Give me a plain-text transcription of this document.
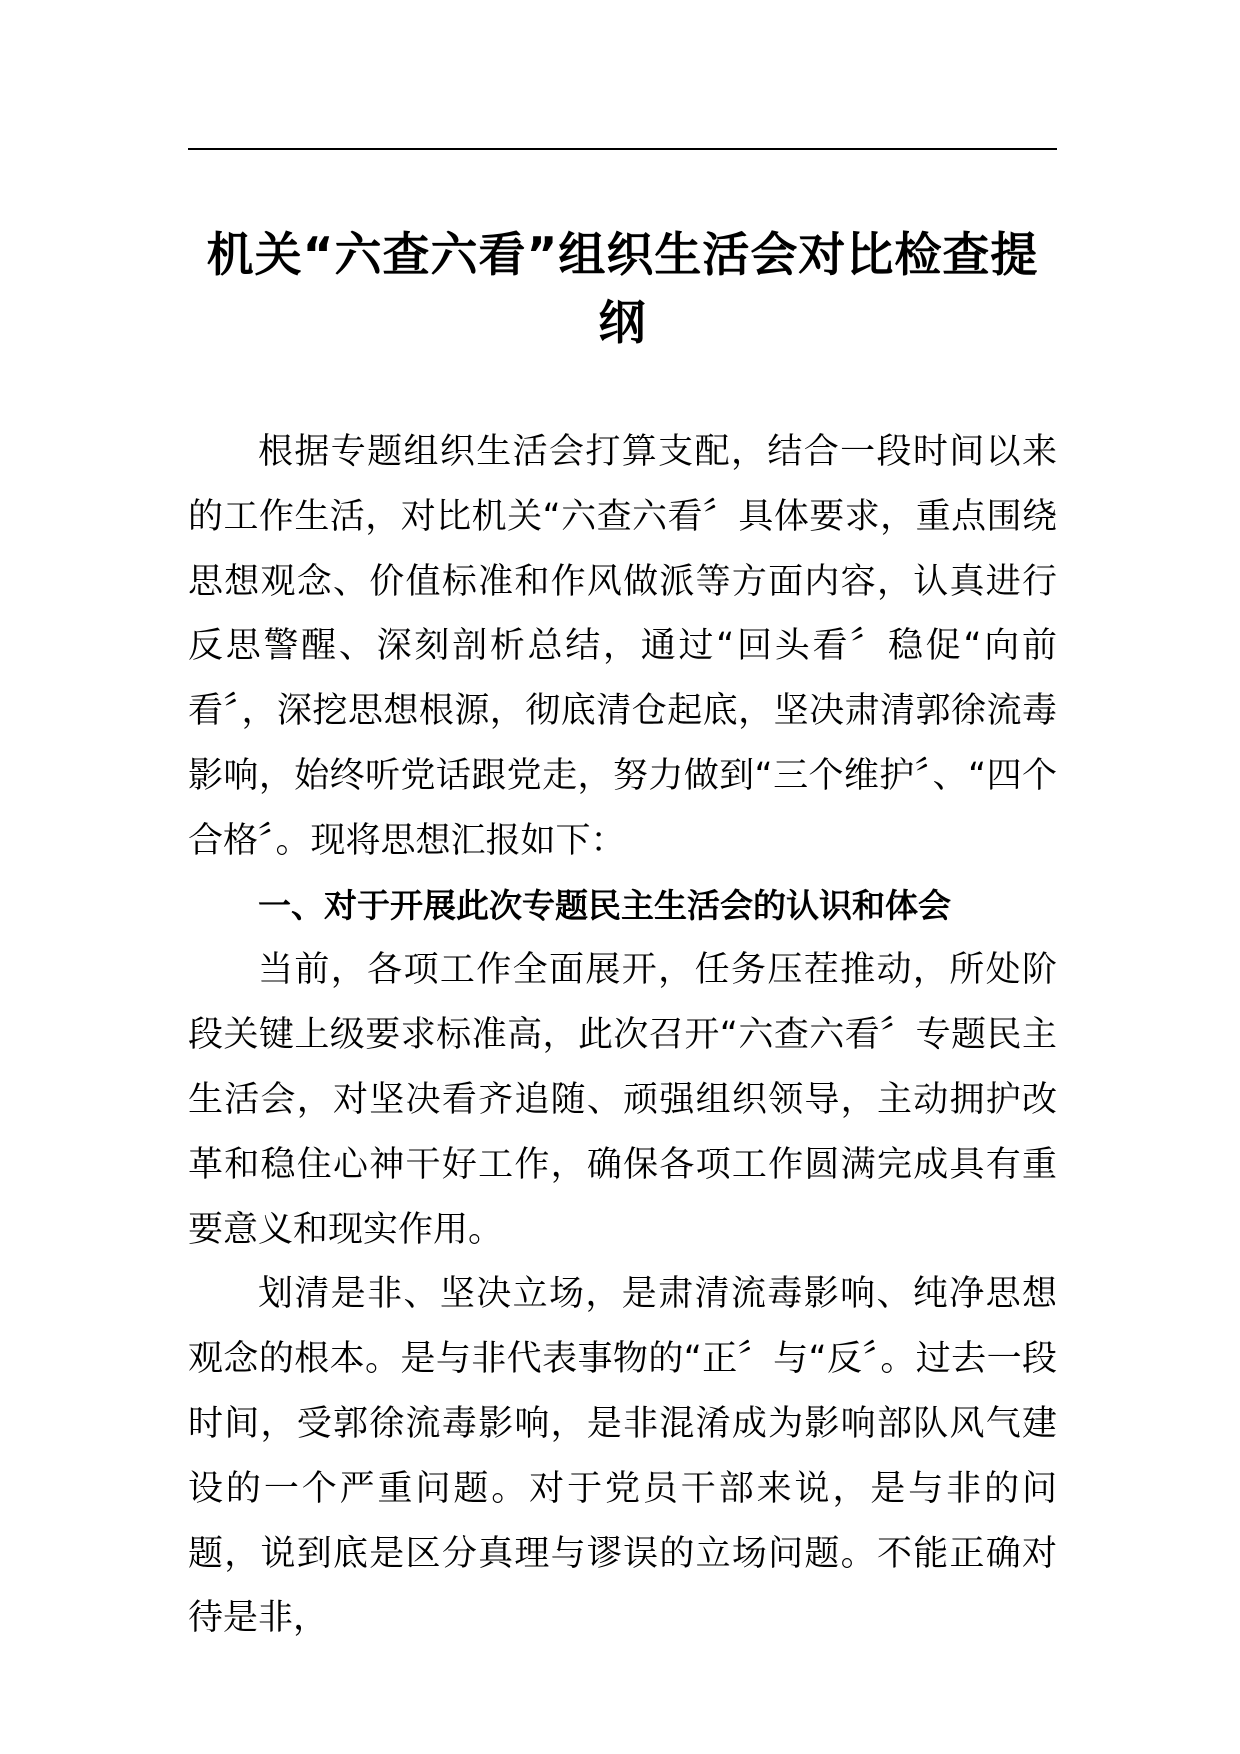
机关“六查六看”组织生活会对比检查提纲

根据专题组织生活会打算支配，结合一段时间以来的工作生活，对比机关“六查六看〞具体要求，重点围绕思想观念、价值标准和作风做派等方面内容，认真进行反思警醒、深刻剖析总结，通过“回头看〞稳促“向前看〞，深挖思想根源，彻底清仓起底，坚决肃清郭徐流毒影响，始终听党话跟党走，努力做到“三个维护〞、“四个合格〞。现将思想汇报如下：

一、对于开展此次专题民主生活会的认识和体会

当前，各项工作全面展开，任务压茬推动，所处阶段关键上级要求标准高，此次召开“六查六看〞专题民主生活会，对坚决看齐追随、顽强组织领导，主动拥护改革和稳住心神干好工作，确保各项工作圆满完成具有重要意义和现实作用。

划清是非、坚决立场，是肃清流毒影响、纯净思想观念的根本。是与非代表事物的“正〞与“反〞。过去一段时间，受郭徐流毒影响，是非混淆成为影响部队风气建设的一个严重问题。对于党员干部来说，是与非的问题，说到底是区分真理与谬误的立场问题。不能正确对待是非，
